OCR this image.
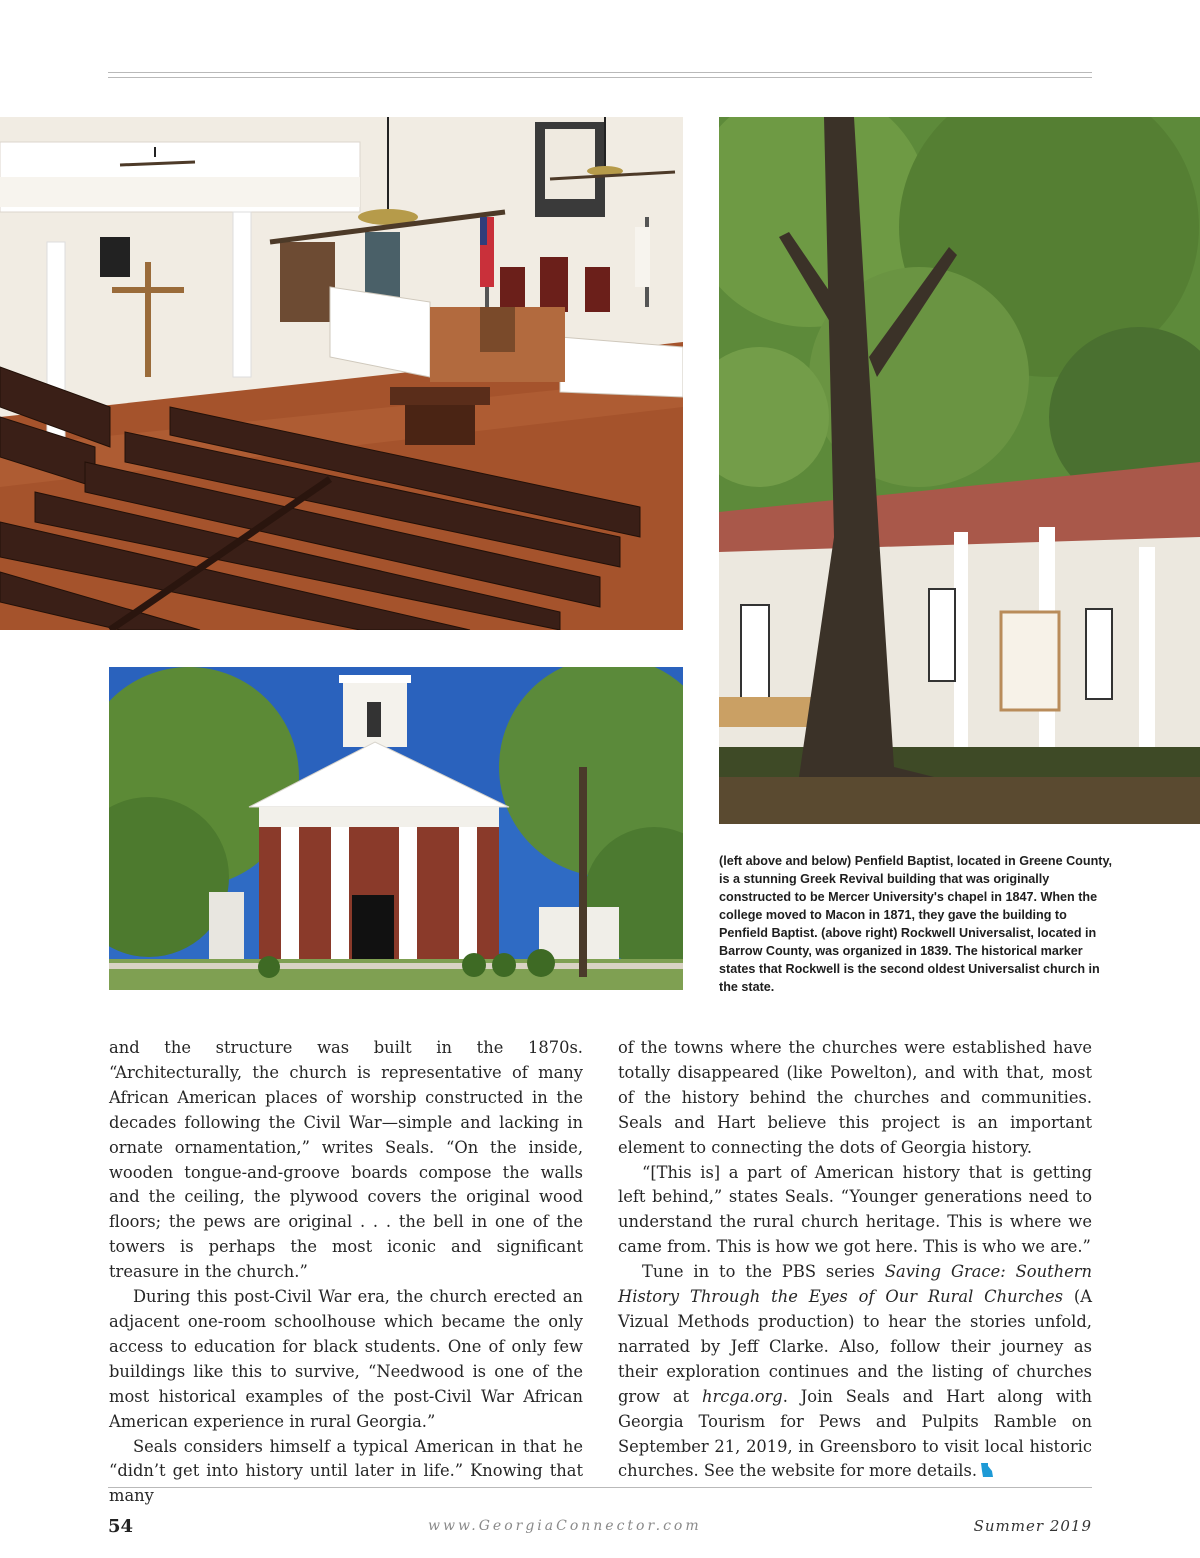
(left above and below) Penfield Baptist, located in Greene County, is a stunning Greek Revival building that was originally constructed to be Mercer University's chapel in 1847. When the college moved to Macon in 1871, they gave the building to Penfield Baptist. (above right) Rockwell Universalist, located in Barrow County, was organized in 1839. The historical marker states that Rockwell is the second oldest Universalist church in the state.

and the structure was built in the 1870s. “Architecturally, the church is representative of many African American places of worship constructed in the decades following the Civil War—simple and lacking in ornate ornamentation,” writes Seals. “On the inside, wooden tongue-and-groove boards compose the walls and the ceiling, the plywood covers the original wood floors; the pews are original . . . the bell in one of the towers is perhaps the most iconic and significant treasure in the church.”

During this post-Civil War era, the church erected an adjacent one-room schoolhouse which became the only access to education for black students. One of only few buildings like this to survive, “Needwood is one of the most historical examples of the post-Civil War African American experience in rural Georgia.”

Seals considers himself a typical American in that he “didn’t get into history until later in life.” Knowing that many

of the towns where the churches were established have totally disappeared (like Powelton), and with that, most of the history behind the churches and communities. Seals and Hart believe this project is an important element to connecting the dots of Georgia history.

“[This is] a part of American history that is getting left behind,” states Seals. “Younger generations need to understand the rural church heritage. This is where we came from. This is how we got here. This is who we are.”

Tune in to the PBS series Saving Grace: Southern History Through the Eyes of Our Rural Churches (A Vizual Methods production) to hear the stories unfold, narrated by Jeff Clarke. Also, follow their journey as their exploration continues and the listing of churches grow at hrcga.org. Join Seals and Hart along with Georgia Tourism for Pews and Pulpits Ramble on September 21, 2019, in Greensboro to visit local historic churches. See the website for more details.

54	www.GeorgiaConnector.com	Summer 2019
